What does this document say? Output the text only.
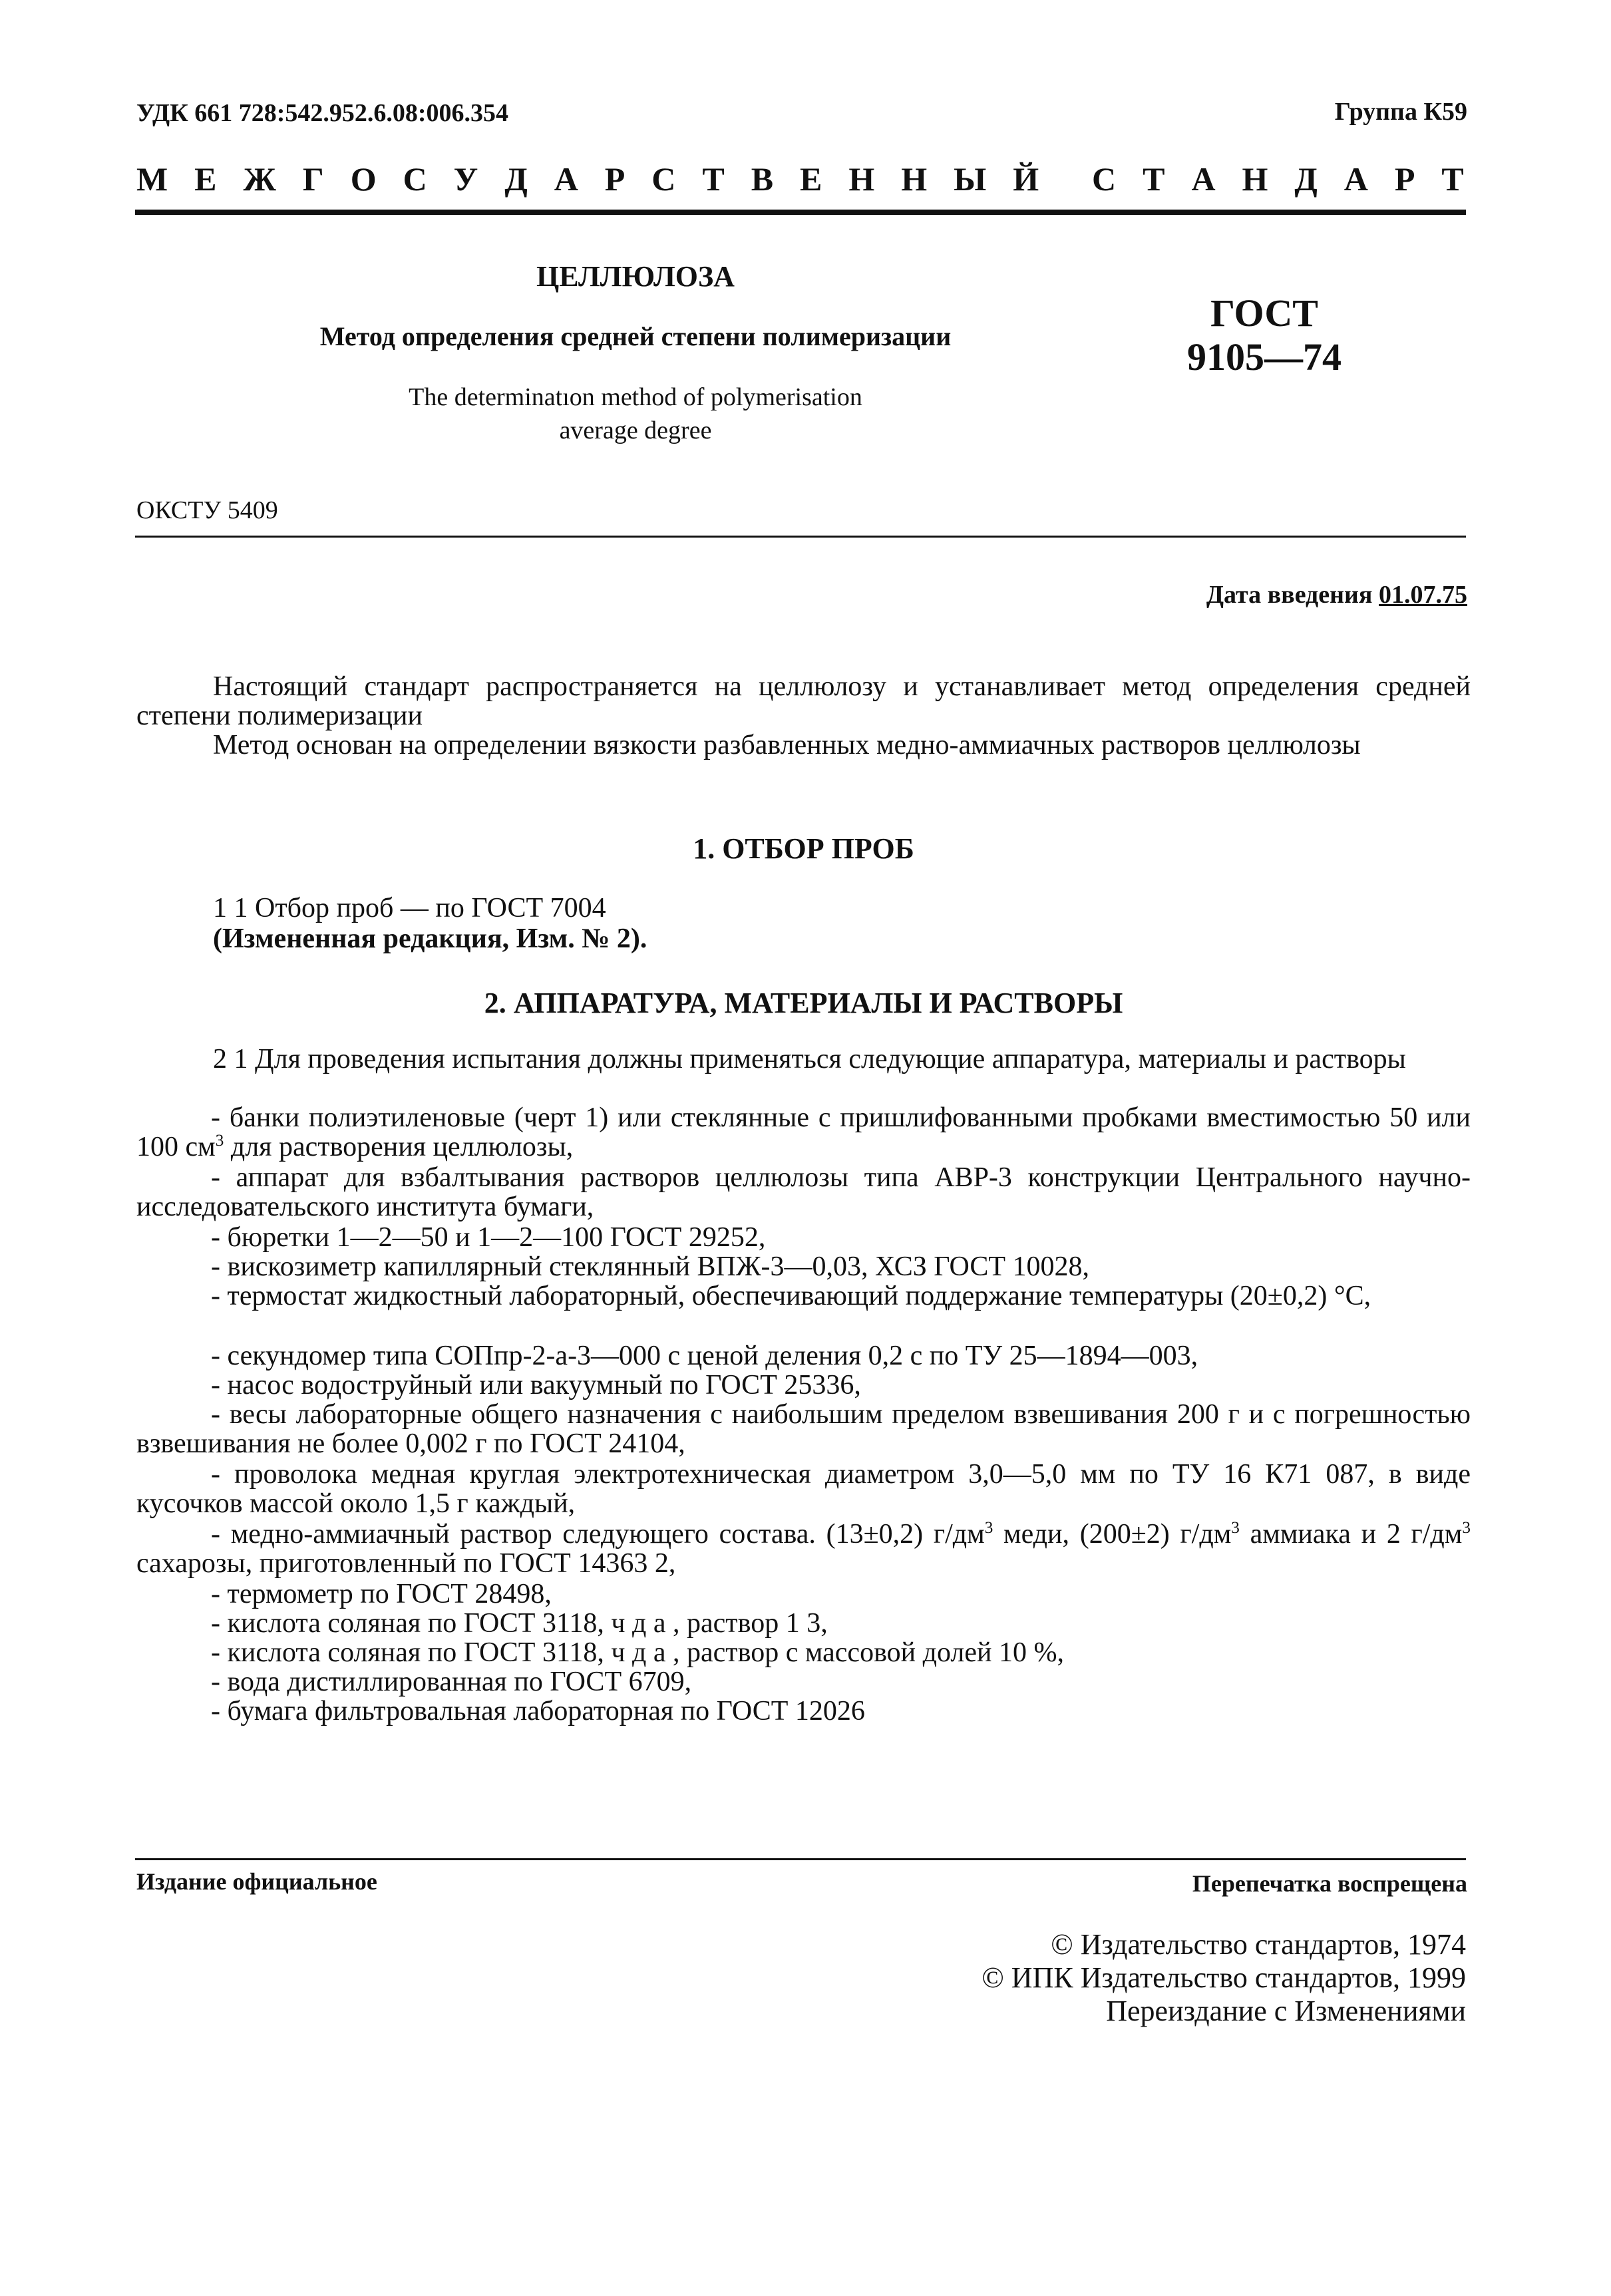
УДК 661 728:542.952.6.08:006.354	Группа К59
М Е Ж Г О С У Д А Р С Т В Е Н Н Ы Й С Т А Н Д А Р Т
ЦЕЛЛЮЛОЗА
Метод определения средней степени полимеризации
The determinatıon method of polymerisation average degree
ГОСТ
9105—74
ОКСТУ 5409
Дата введения 01.07.75
Настоящий стандарт распространяется на целлюлозу и устанавливает метод определения средней степени полимеризации
Метод основан на определении вязкости разбавленных медно-аммиачных растворов целлюлозы
1. ОТБОР ПРОБ
1 1 Отбор проб — по ГОСТ 7004
(Измененная редакция, Изм. № 2).
2. АППАРАТУРА, МАТЕРИАЛЫ И РАСТВОРЫ
2 1 Для проведения испытания должны применяться следующие аппаратура, материалы и растворы
- банки полиэтиленовые (черт 1) или стеклянные с пришлифованными пробками вместимостью 50 или 100 $см^3$ для растворения целлюлозы,
- аппарат для взбалтывания растворов целлюлозы типа АВР-3 конструкции Центрального научно-исследовательского института бумаги,
- бюретки 1—2—50 и 1—2—100 ГОСТ 29252,
- вискозиметр капиллярный стеклянный ВПЖ-3—0,03, ХСЗ ГОСТ 10028,
- термостат жидкостный лабораторный, обеспечивающий поддержание температуры (20±0,2) °С,
- секундомер типа СОПпр-2-а-3—000 с ценой деления 0,2 с по ТУ 25—1894—003,
- насос водоструйный или вакуумный по ГОСТ 25336,
- весы лабораторные общего назначения с наибольшим пределом взвешивания 200 г и с погрешностью взвешивания не более 0,002 г по ГОСТ 24104,
- проволока медная круглая электротехническая диаметром 3,0—5,0 мм по ТУ 16 К71 087, в виде кусочков массой около 1,5 г каждый,
- медно-аммиачный раствор следующего состава. (13±0,2) $г/дм^3$ меди, (200±2) $г/дм^3$ аммиака и 2 $г/дм^3$ сахарозы, приготовленный по ГОСТ 14363 2,
- термометр по ГОСТ 28498,
- кислота соляная по ГОСТ 3118, ч д а , раствор 1 3,
- кислота соляная по ГОСТ 3118, ч д а , раствор с массовой долей 10 %,
- вода дистиллированная по ГОСТ 6709,
- бумага фильтровальная лабораторная по ГОСТ 12026
Издание официальное	Перепечатка воспрещена
© Издательство стандартов, 1974
© ИПК Издательство стандартов, 1999
Переиздание с Изменениями
